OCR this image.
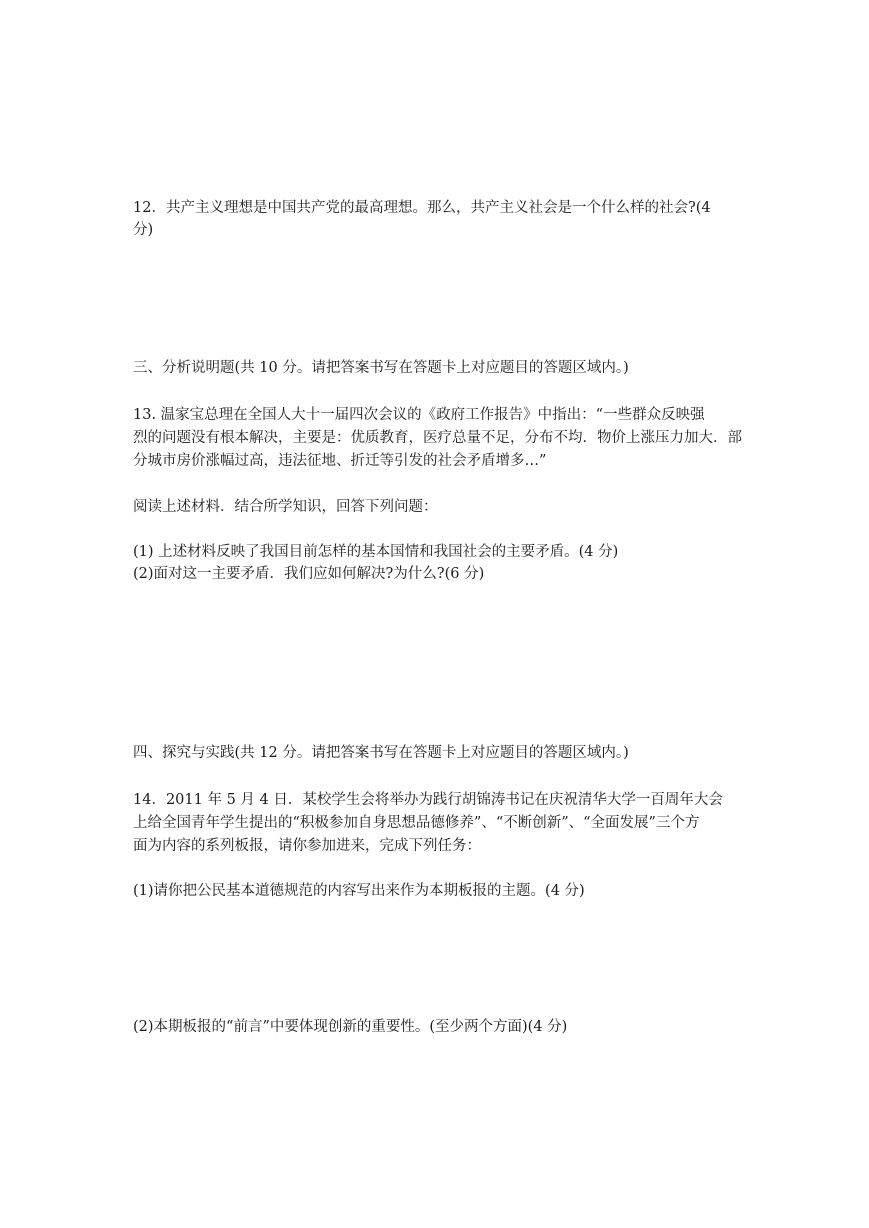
12．共产主义理想是中国共产党的最高理想。那么，共产主义社会是一个什么样的社会?(4
分)
三、分析说明题(共 10 分。请把答案书写在答题卡上对应题目的答题区域内。)
13. 温家宝总理在全国人大十一届四次会议的《政府工作报告》中指出：“一些群众反映强
烈的问题没有根本解决，主要是：优质教育，医疗总量不足，分布不均．物价上涨压力加大．部
分城市房价涨幅过高，违法征地、折迁等引发的社会矛盾增多…”
阅读上述材料．结合所学知识，回答下列问题：
(1) 上述材料反映了我国目前怎样的基本国情和我国社会的主要矛盾。(4 分)
(2)面对这一主要矛盾．我们应如何解决?为什么?(6 分)
四、探究与实践(共 12 分。请把答案书写在答题卡上对应题目的答题区域内。)
14．2011 年 5 月 4 日．某校学生会将举办为践行胡锦涛书记在庆祝清华大学一百周年大会
上给全国青年学生提出的“积极参加自身思想品德修养”、“不断创新”、“全面发展”三个方
面为内容的系列板报，请你参加进来，完成下列任务：
(1)请你把公民基本道德规范的内容写出来作为本期板报的主题。(4 分)
(2)本期板报的“前言”中要体现创新的重要性。(至少两个方面)(4 分)
